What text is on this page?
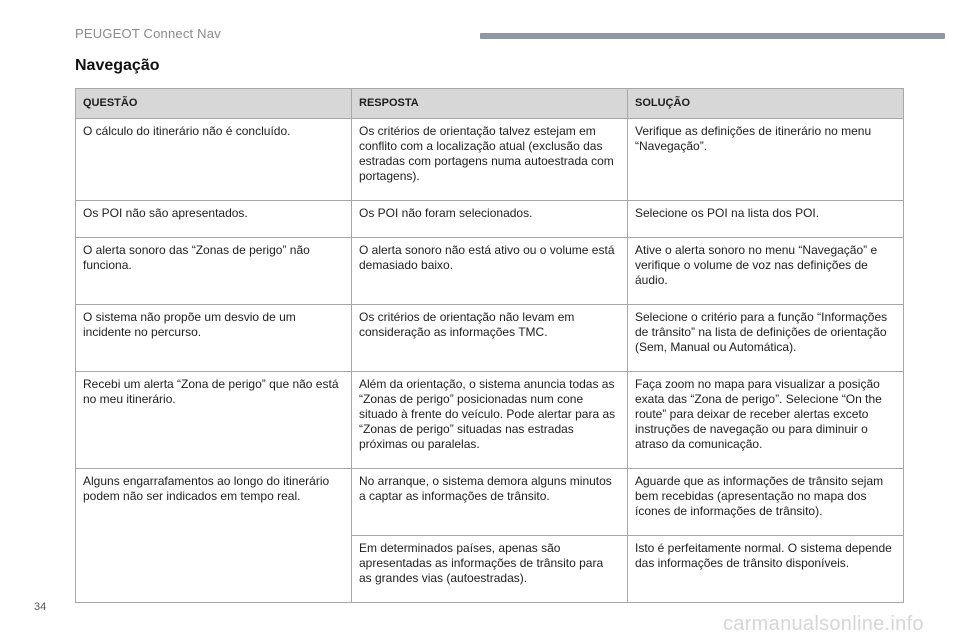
PEUGEOT Connect Nav
Navegação
QUESTÃO	RESPOSTA	SOLUÇÃO
O cálculo do itinerário não é concluído.	Os critérios de orientação talvez estejam em conflito com a localização atual (exclusão das estradas com portagens numa autoestrada com portagens).	Verifique as definições de itinerário no menu “Navegação”.
Os POI não são apresentados.	Os POI não foram selecionados.	Selecione os POI na lista dos POI.
O alerta sonoro das “Zonas de perigo” não funciona.	O alerta sonoro não está ativo ou o volume está demasiado baixo.	Ative o alerta sonoro no menu “Navegação” e verifique o volume de voz nas definições de áudio.
O sistema não propõe um desvio de um incidente no percurso.	Os critérios de orientação não levam em consideração as informações TMC.	Selecione o critério para a função “Informações de trânsito” na lista de definições de orientação (Sem, Manual ou Automática).
Recebi um alerta “Zona de perigo” que não está no meu itinerário.	Além da orientação, o sistema anuncia todas as “Zonas de perigo” posicionadas num cone situado à frente do veículo. Pode alertar para as “Zonas de perigo” situadas nas estradas próximas ou paralelas.	Faça zoom no mapa para visualizar a posição exata das “Zona de perigo”. Selecione “On the route” para deixar de receber alertas exceto instruções de navegação ou para diminuir o atraso da comunicação.
Alguns engarrafamentos ao longo do itinerário podem não ser indicados em tempo real.	No arranque, o sistema demora alguns minutos a captar as informações de trânsito.	Aguarde que as informações de trânsito sejam bem recebidas (apresentação no mapa dos ícones de informações de trânsito).
	Em determinados países, apenas são apresentadas as informações de trânsito para as grandes vias (autoestradas).	Isto é perfeitamente normal. O sistema depende das informações de trânsito disponíveis.
34
carmanualsonline.info
